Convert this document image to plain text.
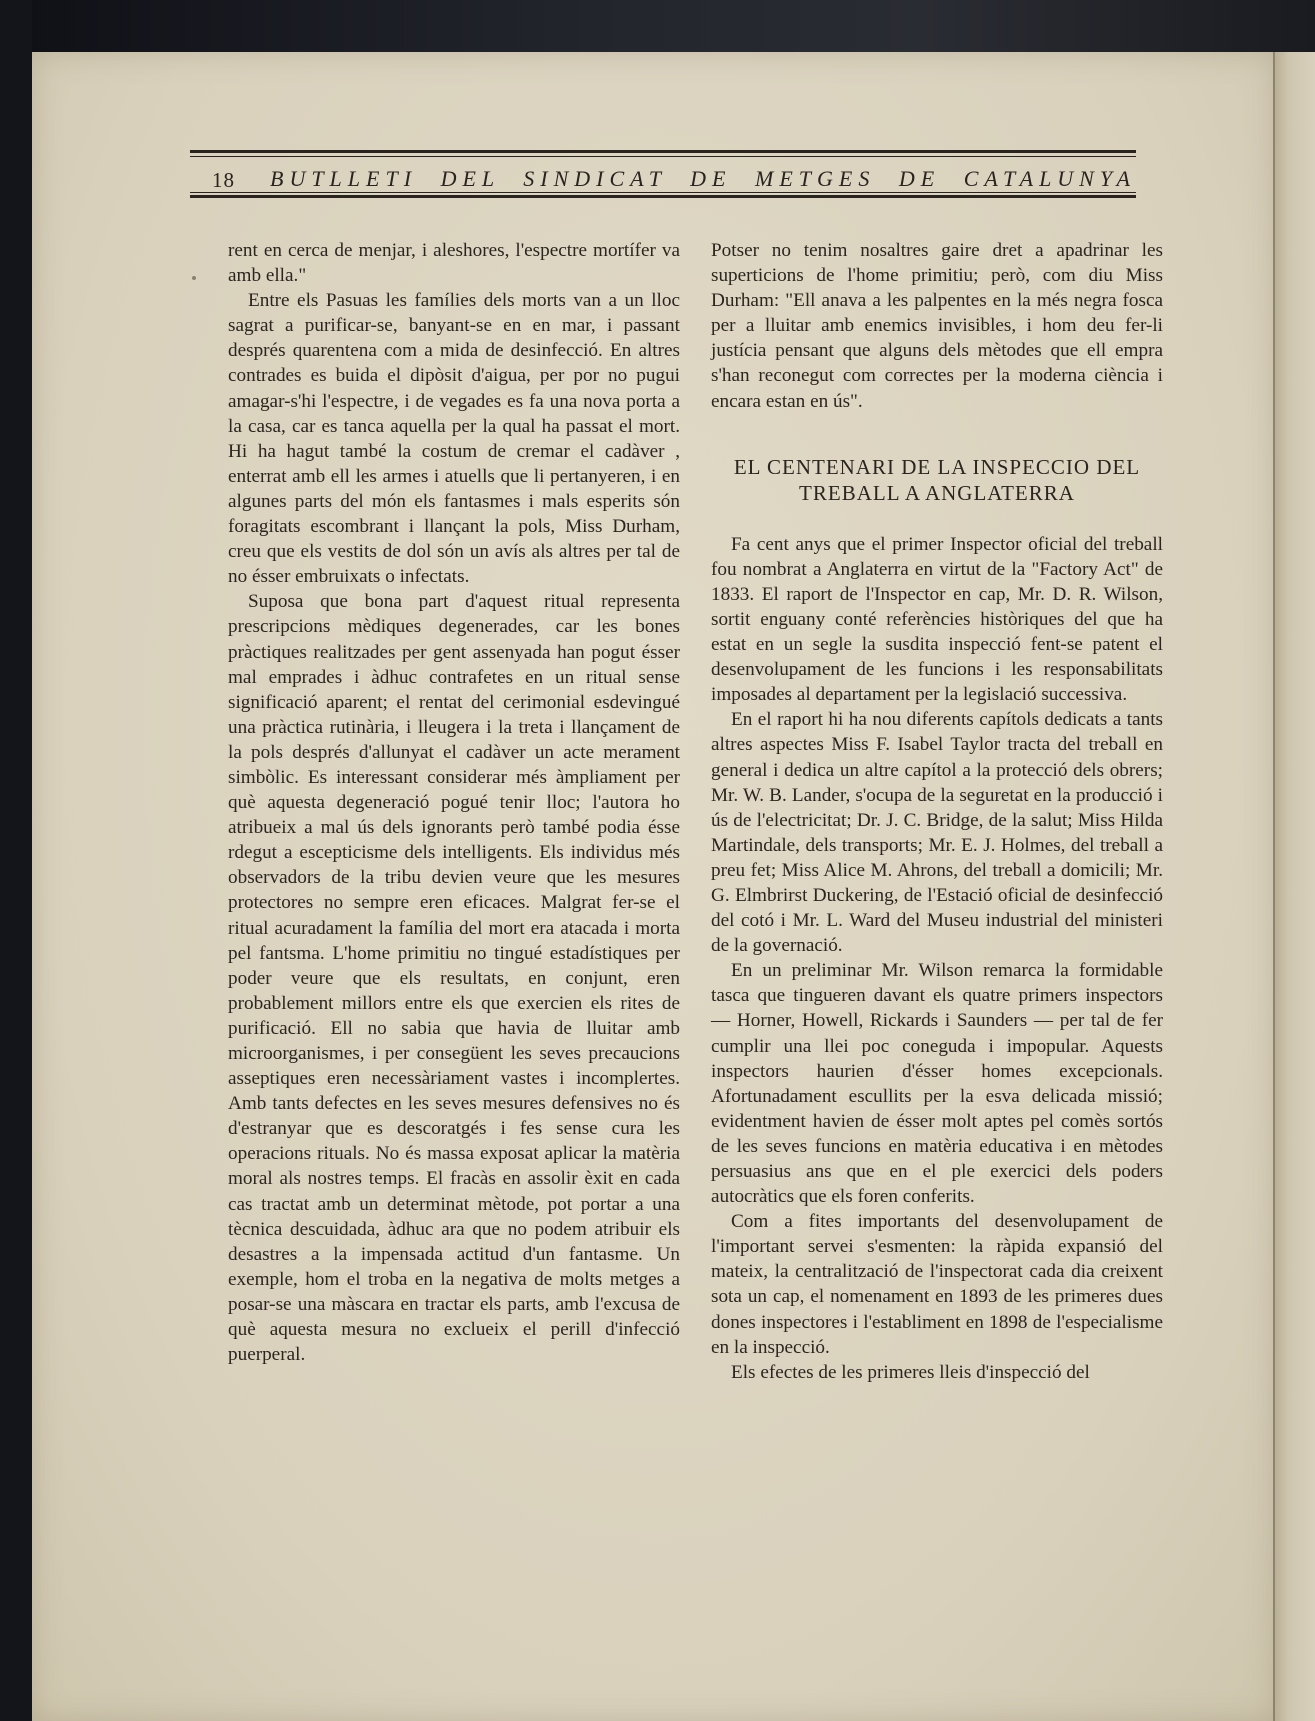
18 BUTLLETI DEL SINDICAT DE METGES DE CATALUNYA

rent en cerca de menjar, i aleshores, l'espectre mortífer va amb ella."

Entre els Pasuas les famílies dels morts van a un lloc sagrat a purificar-se, banyant-se en en mar, i passant després quarentena com a mida de desinfecció. En altres contrades es buida el dipòsit d'aigua, per por no pugui amagar-s'hi l'espectre, i de vegades es fa una nova porta a la casa, car es tanca aquella per la qual ha passat el mort. Hi ha hagut també la costum de cremar el cadàver , enterrat amb ell les armes i atuells que li pertanyeren, i en algunes parts del món els fantasmes i mals esperits són foragitats escombrant i llançant la pols, Miss Durham, creu que els vestits de dol són un avís als altres per tal de no ésser embruixats o infectats.

Suposa que bona part d'aquest ritual representa prescripcions mèdiques degenerades, car les bones pràctiques realitzades per gent assenyada han pogut ésser mal emprades i àdhuc contrafetes en un ritual sense significació aparent; el rentat del cerimonial esdevingué una pràctica rutinària, i lleugera i la treta i llançament de la pols després d'allunyat el cadàver un acte merament simbòlic. Es interessant considerar més àmpliament per què aquesta degeneració pogué tenir lloc; l'autora ho atribueix a mal ús dels ignorants però també podia ésse rdegut a escepticisme dels intelligents. Els individus més observadors de la tribu devien veure que les mesures protectores no sempre eren eficaces. Malgrat fer-se el ritual acuradament la família del mort era atacada i morta pel fantsma. L'home primitiu no tingué estadístiques per poder veure que els resultats, en conjunt, eren probablement millors entre els que exercien els rites de purificació. Ell no sabia que havia de lluitar amb microorganismes, i per consegüent les seves precaucions asseptiques eren necessàriament vastes i incomplertes. Amb tants defectes en les seves mesures defensives no és d'estranyar que es descoratgés i fes sense cura les operacions rituals. No és massa exposat aplicar la matèria moral als nostres temps. El fracàs en assolir èxit en cada cas tractat amb un determinat mètode, pot portar a una tècnica descuidada, àdhuc ara que no podem atribuir els desastres a la impensada actitud d'un fantasme. Un exemple, hom el troba en la negativa de molts metges a posar-se una màscara en tractar els parts, amb l'excusa de què aquesta mesura no exclueix el perill d'infecció puerperal.

Potser no tenim nosaltres gaire dret a apadrinar les superticions de l'home primitiu; però, com diu Miss Durham: "Ell anava a les palpentes en la més negra fosca per a lluitar amb enemics invisibles, i hom deu fer-li justícia pensant que alguns dels mètodes que ell empra s'han reconegut com correctes per la moderna ciència i encara estan en ús".

EL CENTENARI DE LA INSPECCIO DEL
TREBALL A ANGLATERRA

Fa cent anys que el primer Inspector oficial del treball fou nombrat a Anglaterra en virtut de la "Factory Act" de 1833. El raport de l'Inspector en cap, Mr. D. R. Wilson, sortit enguany conté referències històriques del que ha estat en un segle la susdita inspecció fent-se patent el desenvolupament de les funcions i les responsabilitats imposades al departament per la legislació successiva.

En el raport hi ha nou diferents capítols dedicats a tants altres aspectes Miss F. Isabel Taylor tracta del treball en general i dedica un altre capítol a la protecció dels obrers; Mr. W. B. Lander, s'ocupa de la seguretat en la producció i ús de l'electricitat; Dr. J. C. Bridge, de la salut; Miss Hilda Martindale, dels transports; Mr. E. J. Holmes, del treball a preu fet; Miss Alice M. Ahrons, del treball a domicili; Mr. G. Elmbrirst Duckering, de l'Estació oficial de desinfecció del cotó i Mr. L. Ward del Museu industrial del ministeri de la governació.

En un preliminar Mr. Wilson remarca la formidable tasca que tingueren davant els quatre primers inspectors — Horner, Howell, Rickards i Saunders — per tal de fer cumplir una llei poc coneguda i impopular. Aquests inspectors haurien d'ésser homes excepcionals. Afortunadament escullits per la esva delicada missió; evidentment havien de ésser molt aptes pel comès sortós de les seves funcions en matèria educativa i en mètodes persuasius ans que en el ple exercici dels poders autocràtics que els foren conferits.

Com a fites importants del desenvolupament de l'important servei s'esmenten: la ràpida expansió del mateix, la centralització de l'inspectorat cada dia creixent sota un cap, el nomenament en 1893 de les primeres dues dones inspectores i l'establiment en 1898 de l'especialisme en la inspecció.

Els efectes de les primeres lleis d'inspecció del
